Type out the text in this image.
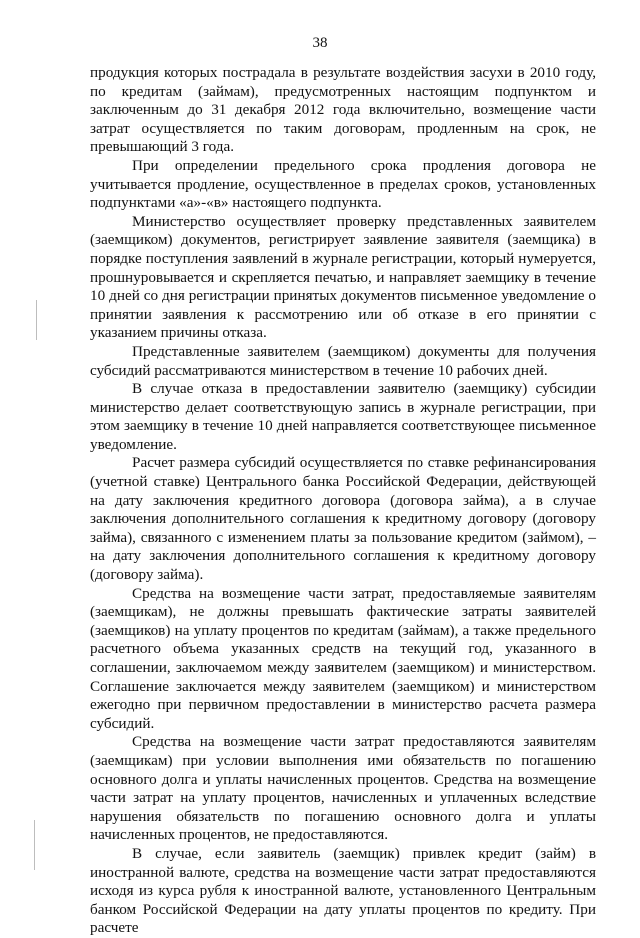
38

продукция которых пострадала в результате воздействия засухи в 2010 году, по кредитам (займам), предусмотренных настоящим подпунктом и заключенным до 31 декабря 2012 года включительно, возмещение части затрат осуществляется по таким договорам, продленным на срок, не превышающий 3 года.

При определении предельного срока продления договора не учитывается продление, осуществленное в пределах сроков, установленных подпунктами «а»-«в» настоящего подпункта.

Министерство осуществляет проверку представленных заявителем (заемщиком) документов, регистрирует заявление заявителя (заемщика) в порядке поступления заявлений в журнале регистрации, который нумеруется, прошнуровывается и скрепляется печатью, и направляет заемщику в течение 10 дней со дня регистрации принятых документов письменное уведомление о принятии заявления к рассмотрению или об отказе в его принятии с указанием причины отказа.

Представленные заявителем (заемщиком) документы для получения субсидий рассматриваются министерством в течение 10 рабочих дней.

В случае отказа в предоставлении заявителю (заемщику) субсидии министерство делает соответствующую запись в журнале регистрации, при этом заемщику в течение 10 дней направляется соответствующее письменное уведомление.

Расчет размера субсидий осуществляется по ставке рефинансирования (учетной ставке) Центрального банка Российской Федерации, действующей на дату заключения кредитного договора (договора займа), а в случае заключения дополнительного соглашения к кредитному договору (договору займа), связанного с изменением платы за пользование кредитом (займом), – на дату заключения дополнительного соглашения к кредитному договору (договору займа).

Средства на возмещение части затрат, предоставляемые заявителям (заемщикам), не должны превышать фактические затраты заявителей (заемщиков) на уплату процентов по кредитам (займам), а также предельного расчетного объема указанных средств на текущий год, указанного в соглашении, заключаемом между заявителем (заемщиком) и министерством. Соглашение заключается между заявителем (заемщиком) и министерством ежегодно при первичном предоставлении в министерство расчета размера субсидий.

Средства на возмещение части затрат предоставляются заявителям (заемщикам) при условии выполнения ими обязательств по погашению основного долга и уплаты начисленных процентов. Средства на возмещение части затрат на уплату процентов, начисленных и уплаченных вследствие нарушения обязательств по погашению основного долга и уплаты начисленных процентов, не предоставляются.

В случае, если заявитель (заемщик) привлек кредит (займ) в иностранной валюте, средства на возмещение части затрат предоставляются исходя из курса рубля к иностранной валюте, установленного Центральным банком Российской Федерации на дату уплаты процентов по кредиту. При расчете
